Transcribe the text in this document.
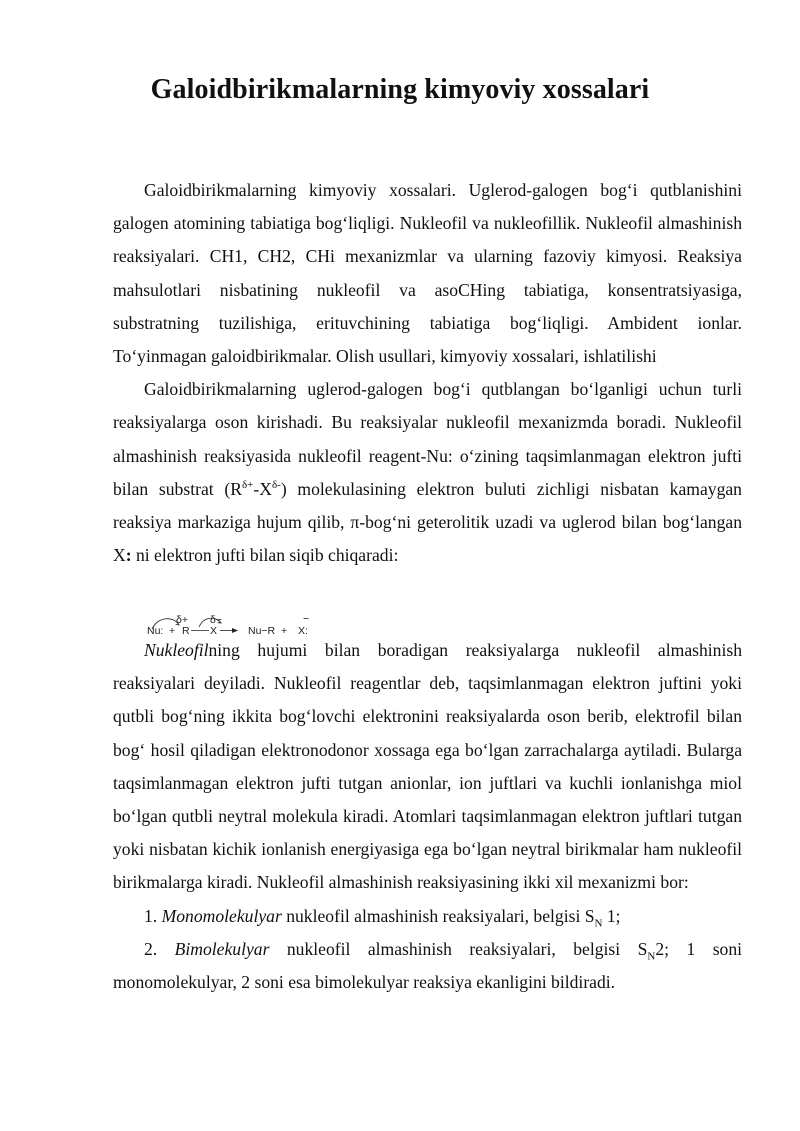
Galoidbirikmalarning kimyoviy xossalari

Galoidbirikmalarning kimyoviy xossalari. Uglerod-galogen bog‘i qutblanishini galogen atomining tabiatiga bog‘liqligi. Nukleofil va nukleofillik. Nukleofil almashinish reaksiyalari. CH1, CH2, CHi mexanizmlar va ularning fazoviy kimyosi. Reaksiya mahsulotlari nisbatining nukleofil va asoCHing tabiatiga, konsentratsiyasiga, substratning tuzilishiga, erituvchining tabiatiga bog‘liqligi. Ambident ionlar. To‘yinmagan galoidbirikmalar. Olish usullari, kimyoviy xossalari, ishlatilishi

Galoidbirikmalarning uglerod-galogen bog‘i qutblangan bo‘lganligi uchun turli reaksiyalarga oson kirishadi. Bu reaksiyalar nukleofil mexanizmda boradi. Nukleofil almashinish reaksiyasida nukleofil reagent-Nu: o‘zining taqsimlanmagan elektron jufti bilan substrat $(R^{\delta+}-X^{\delta-})$ molekulasining elektron buluti zichligi nisbatan kamaygan reaksiya markaziga hujum qilib, π-bog‘ni geterolitik uzadi va uglerod bilan bog‘langan X: ni elektron jufti bilan siqib chiqaradi:

δ+ δ−
Nu: + R X	Nu−R + X:
−

Nukleofilning hujumi bilan boradigan reaksiyalarga nukleofil almashinish reaksiyalari deyiladi. Nukleofil reagentlar deb, taqsimlanmagan elektron juftini yoki qutbli bog‘ning ikkita bog‘lovchi elektronini reaksiyalarda oson berib, elektrofil bilan bog‘ hosil qiladigan elektronodonor xossaga ega bo‘lgan zarrachalarga aytiladi. Bularga taqsimlanmagan elektron jufti tutgan anionlar, ion juftlari va kuchli ionlanishga miol bo‘lgan qutbli neytral molekula kiradi. Atomlari taqsimlanmagan elektron juftlari tutgan yoki nisbatan kichik ionlanish energiyasiga ega bo‘lgan neytral birikmalar ham nukleofil birikmalarga kiradi. Nukleofil almashinish reaksiyasining ikki xil mexanizmi bor:

1. Monomolekulyar nukleofil almashinish reaksiyalari, belgisi $S_N$ 1;

2. Bimolekulyar nukleofil almashinish reaksiyalari, belgisi $S_N2$; 1 soni monomolekulyar, 2 soni esa bimolekulyar reaksiya ekanligini bildiradi.
